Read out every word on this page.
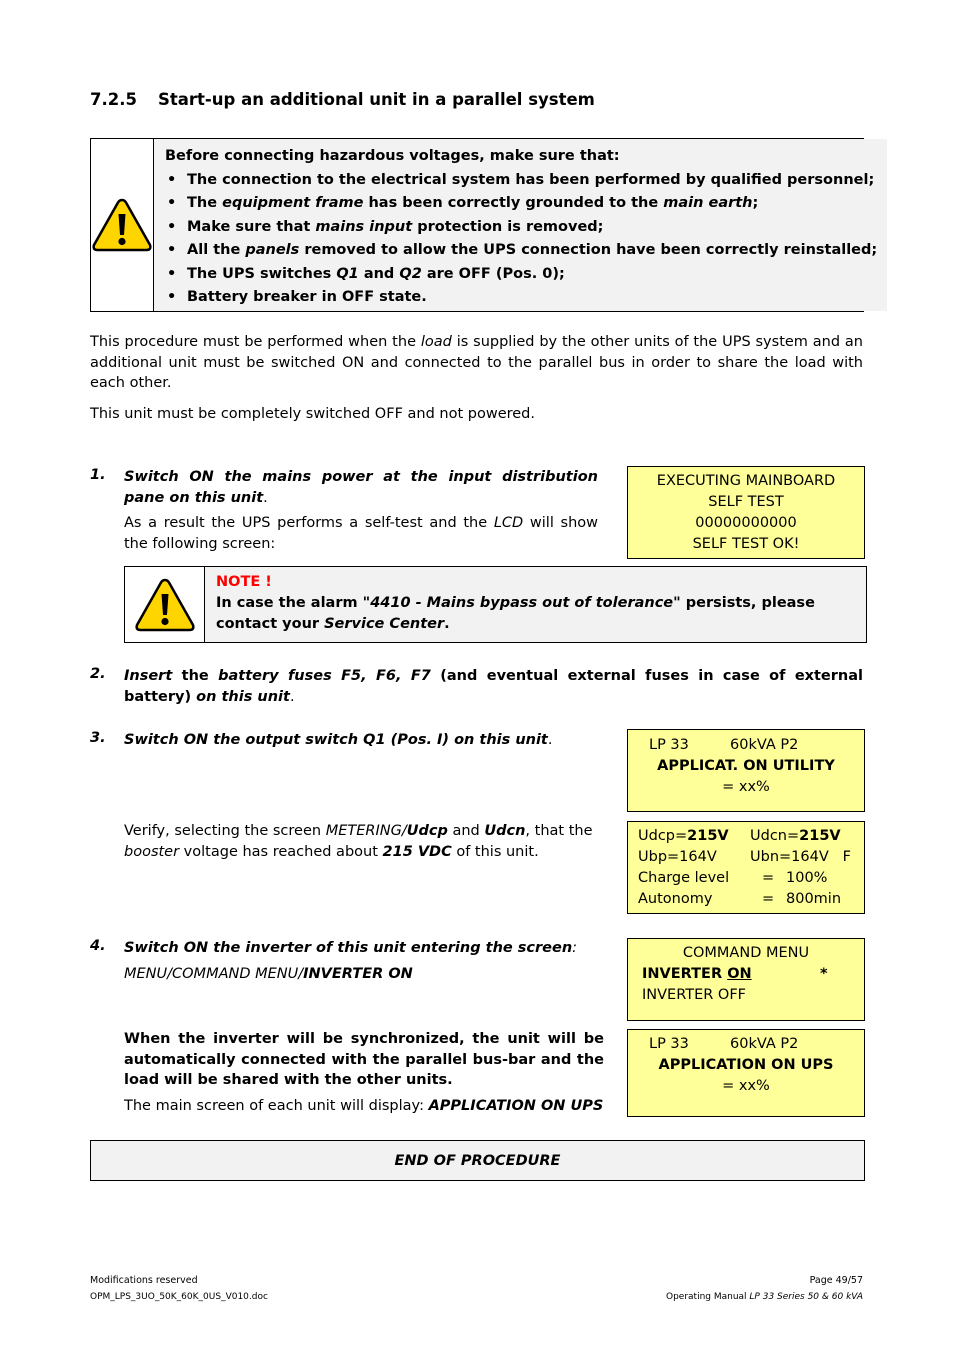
7.2.5 Start-up an additional unit in a parallel system
Before connecting hazardous voltages, make sure that:
• The connection to the electrical system has been performed by qualified personnel;
• The equipment frame has been correctly grounded to the main earth;
• Make sure that mains input protection is removed;
• All the panels removed to allow the UPS connection have been correctly reinstalled;
• The UPS switches Q1 and Q2 are OFF (Pos. 0);
• Battery breaker in OFF state.
This procedure must be performed when the load is supplied by the other units of the UPS system and an additional unit must be switched ON and connected to the parallel bus in order to share the load with each other.
This unit must be completely switched OFF and not powered.
1. Switch ON the mains power at the input distribution pane on this unit.
As a result the UPS performs a self-test and the LCD will show the following screen:
EXECUTING MAINBOARD
SELF TEST
00000000000
SELF TEST OK!
NOTE !
In case the alarm "4410 - Mains bypass out of tolerance" persists, please contact your Service Center.
2. Insert the battery fuses F5, F6, F7 (and eventual external fuses in case of external battery) on this unit.
3. Switch ON the output switch Q1 (Pos. I) on this unit.	LP 33	60kVA P2
APPLICAT. ON UTILITY
= xx%
Verify, selecting the screen METERING/Udcp and Udcn, that the booster voltage has reached about 215 VDC of this unit.
Udcp=215V	Udcn=215V
Ubp=164V	Ubn=164V   F
Charge level	= 100%
Autonomy	= 800min
4. Switch ON the inverter of this unit entering the screen:
MENU/COMMAND MENU/INVERTER ON
COMMAND MENU
INVERTER ON	*
INVERTER OFF
When the inverter will be synchronized, the unit will be automatically connected with the parallel bus-bar and the load will be shared with the other units.
The main screen of each unit will display: APPLICATION ON UPS
LP 33	60kVA P2
APPLICATION ON UPS
= xx%
END OF PROCEDURE
Modifications reserved
OPM_LPS_3UO_50K_60K_0US_V010.doc
Page 49/57
Operating Manual LP 33 Series 50 & 60 kVA
